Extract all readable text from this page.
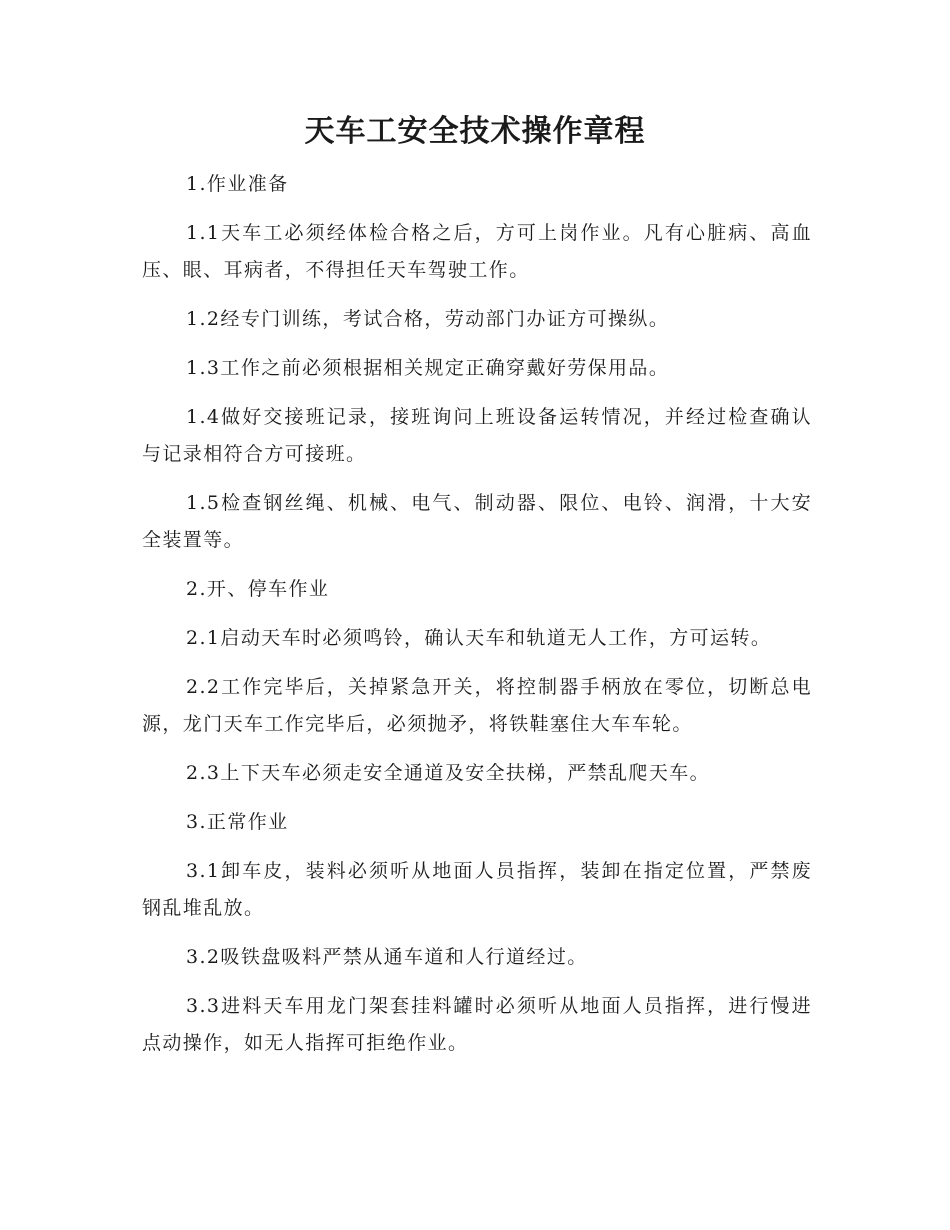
天车工安全技术操作章程

1.作业准备

1.1天车工必须经体检合格之后，方可上岗作业。凡有心脏病、高血压、眼、耳病者，不得担任天车驾驶工作。

1.2经专门训练，考试合格，劳动部门办证方可操纵。

1.3工作之前必须根据相关规定正确穿戴好劳保用品。

1.4做好交接班记录，接班询问上班设备运转情况，并经过检查确认与记录相符合方可接班。

1.5检查钢丝绳、机械、电气、制动器、限位、电铃、润滑，十大安全装置等。

2.开、停车作业

2.1启动天车时必须鸣铃，确认天车和轨道无人工作，方可运转。

2.2工作完毕后，关掉紧急开关，将控制器手柄放在零位，切断总电源，龙门天车工作完毕后，必须抛矛，将铁鞋塞住大车车轮。

2.3上下天车必须走安全通道及安全扶梯，严禁乱爬天车。

3.正常作业

3.1卸车皮，装料必须听从地面人员指挥，装卸在指定位置，严禁废钢乱堆乱放。

3.2吸铁盘吸料严禁从通车道和人行道经过。

3.3进料天车用龙门架套挂料罐时必须听从地面人员指挥，进行慢进点动操作，如无人指挥可拒绝作业。
